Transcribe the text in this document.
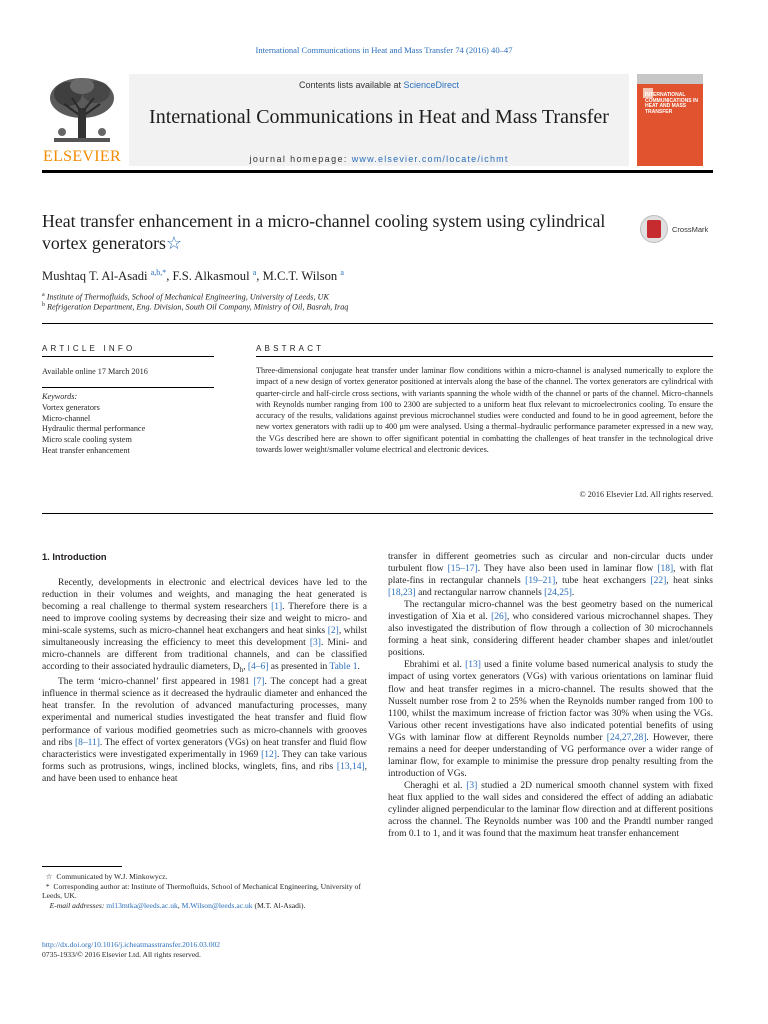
International Communications in Heat and Mass Transfer 74 (2016) 40–47
ELSEVIER
Contents lists available at ScienceDirect
International Communications in Heat and Mass Transfer
journal homepage: www.elsevier.com/locate/ichmt
INTERNATIONAL COMMUNICATIONS IN HEAT AND MASS TRANSFER
Heat transfer enhancement in a micro-channel cooling system using cylindrical vortex generators☆
CrossMark
Mushtaq T. Al-Asadi $^{a,b,*}$, F.S. Alkasmoul $^a$, M.C.T. Wilson $^a$
$^a$ Institute of Thermofluids, School of Mechanical Engineering, University of Leeds, UK
$^b$ Refrigeration Department, Eng. Division, South Oil Company, Ministry of Oil, Basrah, Iraq
ARTICLE INFO
Available online 17 March 2016
Keywords:
Vortex generators
Micro-channel
Hydraulic thermal performance
Micro scale cooling system
Heat transfer enhancement
ABSTRACT
Three-dimensional conjugate heat transfer under laminar flow conditions within a micro-channel is analysed numerically to explore the impact of a new design of vortex generator positioned at intervals along the base of the channel. The vortex generators are cylindrical with quarter-circle and half-circle cross sections, with variants spanning the whole width of the channel or parts of the channel. Micro-channels with Reynolds number ranging from 100 to 2300 are subjected to a uniform heat flux relevant to microelectronics cooling. To ensure the accuracy of the results, validations against previous microchannel studies were conducted and found to be in good agreement, before the new vortex generators with radii up to 400 μm were analysed. Using a thermal–hydraulic performance parameter expressed in a new way, the VGs described here are shown to offer significant potential in combatting the challenges of heat transfer in the technological drive towards lower weight/smaller volume electrical and electronic devices.
© 2016 Elsevier Ltd. All rights reserved.
1. Introduction

Recently, developments in electronic and electrical devices have led to the reduction in their volumes and weights, and managing the heat generated is becoming a real challenge to thermal system researchers [1]. Therefore there is a need to improve cooling systems by decreasing their size and weight to micro- and mini-scale systems, such as micro-channel heat exchangers and heat sinks [2], whilst simultaneously increasing the efficiency to meet this development [3]. Mini- and micro-channels are different from traditional channels, and can be classified according to their associated hydraulic diameters, $D_h$, [4–6] as presented in Table 1.

The term ‘micro-channel’ first appeared in 1981 [7]. The concept had a great influence in thermal science as it decreased the hydraulic diameter and enhanced the heat transfer. In the revolution of advanced manufacturing processes, many experimental and numerical studies investigated the heat transfer and fluid flow performance of various modified geometries such as micro-channels with grooves and ribs [8–11]. The effect of vortex generators (VGs) on heat transfer and fluid flow characteristics were investigated experimentally in 1969 [12]. They can take various forms such as protrusions, wings, inclined blocks, winglets, fins, and ribs [13,14], and have been used to enhance heat

transfer in different geometries such as circular and non-circular ducts under turbulent flow [15–17]. They have also been used in laminar flow [18], with flat plate-fins in rectangular channels [19–21], tube heat exchangers [22], heat sinks [18,23] and rectangular narrow channels [24,25].

The rectangular micro-channel was the best geometry based on the numerical investigation of Xia et al. [26], who considered various microchannel shapes. They also investigated the distribution of flow through a collection of 30 microchannels forming a heat sink, considering different header chamber shapes and inlet/outlet positions.

Ebrahimi et al. [13] used a finite volume based numerical analysis to study the impact of using vortex generators (VGs) with various orientations on laminar fluid flow and heat transfer regimes in a micro-channel. The results showed that the Nusselt number rose from 2 to 25% when the Reynolds number ranged from 100 to 1100, whilst the maximum increase of friction factor was 30% when using the VGs. Various other recent investigations have also indicated potential benefits of using VGs with laminar flow at different Reynolds number [24,27,28]. However, there remains a need for deeper understanding of VG performance over a wider range of laminar flow, for example to minimise the pressure drop penalty resulting from the introduction of VGs.

Cheraghi et al. [3] studied a 2D numerical smooth channel system with fixed heat flux applied to the wall sides and considered the effect of adding an adiabatic cylinder aligned perpendicular to the laminar flow direction and at different positions across the channel. The Reynolds number was 100 and the Prandtl number ranged from 0.1 to 1, and it was found that the maximum heat transfer enhancement

☆  Communicated by W.J. Minkowycz.
*  Corresponding author at: Institute of Thermofluids, School of Mechanical Engineering, University of Leeds, UK.
E-mail addresses: ml13mtka@leeds.ac.uk, M.Wilson@leeds.ac.uk (M.T. Al-Asadi).
http://dx.doi.org/10.1016/j.icheatmasstransfer.2016.03.002
0735-1933/© 2016 Elsevier Ltd. All rights reserved.
